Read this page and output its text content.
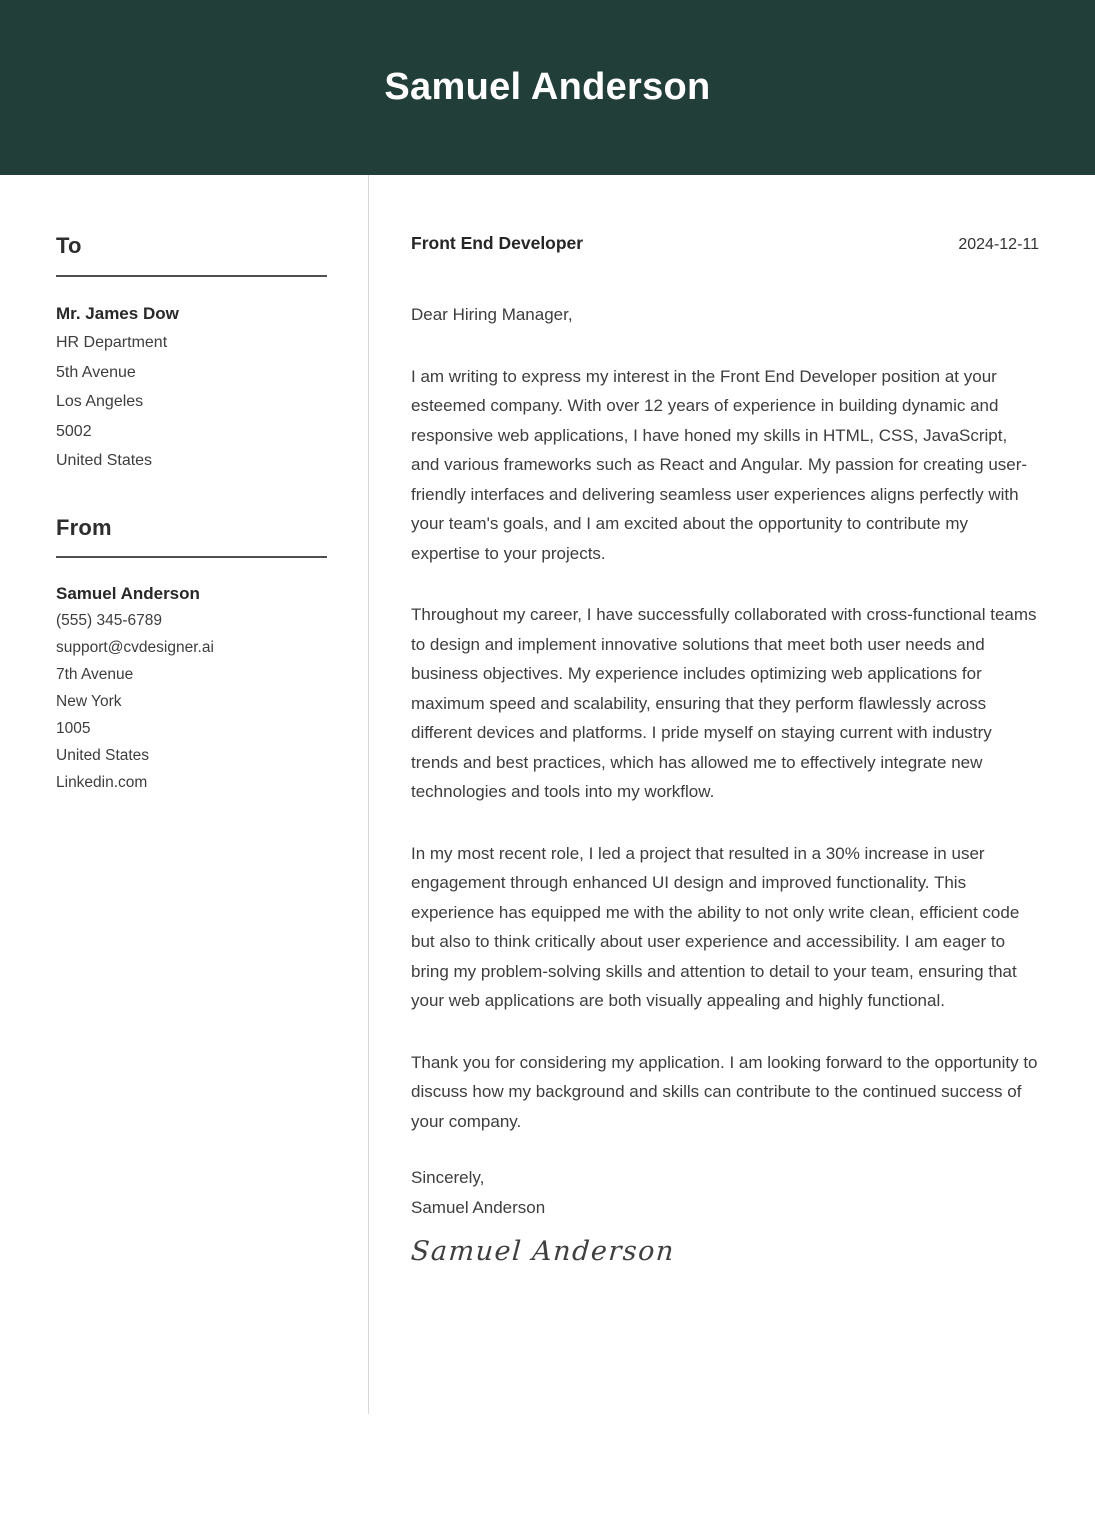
Samuel Anderson
To
Mr. James Dow
HR Department
5th Avenue
Los Angeles
5002
United States
From
Samuel Anderson
(555) 345-6789
support@cvdesigner.ai
7th Avenue
New York
1005
United States
Linkedin.com
Front End Developer	2024-12-11

Dear Hiring Manager,

I am writing to express my interest in the Front End Developer position at your esteemed company. With over 12 years of experience in building dynamic and responsive web applications, I have honed my skills in HTML, CSS, JavaScript, and various frameworks such as React and Angular. My passion for creating user-friendly interfaces and delivering seamless user experiences aligns perfectly with your team's goals, and I am excited about the opportunity to contribute my expertise to your projects.

Throughout my career, I have successfully collaborated with cross-functional teams to design and implement innovative solutions that meet both user needs and business objectives. My experience includes optimizing web applications for maximum speed and scalability, ensuring that they perform flawlessly across different devices and platforms. I pride myself on staying current with industry trends and best practices, which has allowed me to effectively integrate new technologies and tools into my workflow.

In my most recent role, I led a project that resulted in a 30% increase in user engagement through enhanced UI design and improved functionality. This experience has equipped me with the ability to not only write clean, efficient code but also to think critically about user experience and accessibility. I am eager to bring my problem-solving skills and attention to detail to your team, ensuring that your web applications are both visually appealing and highly functional.

Thank you for considering my application. I am looking forward to the opportunity to discuss how my background and skills can contribute to the continued success of your company.

Sincerely,
Samuel Anderson
Samuel Anderson
